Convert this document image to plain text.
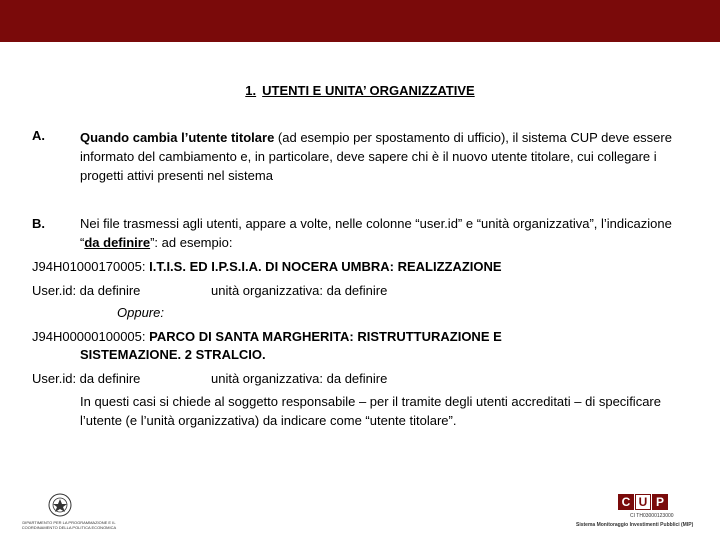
1. UTENTI E UNITA’ ORGANIZZATIVE
A.	Quando cambia l’utente titolare (ad esempio per spostamento di ufficio), il sistema CUP deve essere informato del cambiamento e, in particolare, deve sapere chi è il nuovo utente titolare, cui collegare i progetti attivi presenti nel sistema
B.	Nei file trasmessi agli utenti, appare a volte, nelle colonne “user.id” e “unità organizzativa”, l’indicazione “da definire”: ad esempio:
J94H01000170005: I.T.I.S. ED I.P.S.I.A. DI NOCERA UMBRA: REALIZZAZIONE
User.id: da definire	unità organizzativa: da definire
Oppure:
J94H00000100005: PARCO DI SANTA MARGHERITA: RISTRUTTURAZIONE E
SISTEMAZIONE. 2 STRALCIO.
User.id: da definire	unità organizzativa: da definire
In questi casi si chiede al soggetto responsabile – per il tramite degli utenti accreditati – di specificare l’utente (e l’unità organizzativa) da indicare come “utente titolare”.
DIPARTIMENTO PER LA PROGRAMMAZIONE E IL COORDINAMENTO DELLA POLITICA ECONOMICA
C U P
CI TH03000123000
Sistema Monitoraggio Investimenti Pubblici (MIP)
